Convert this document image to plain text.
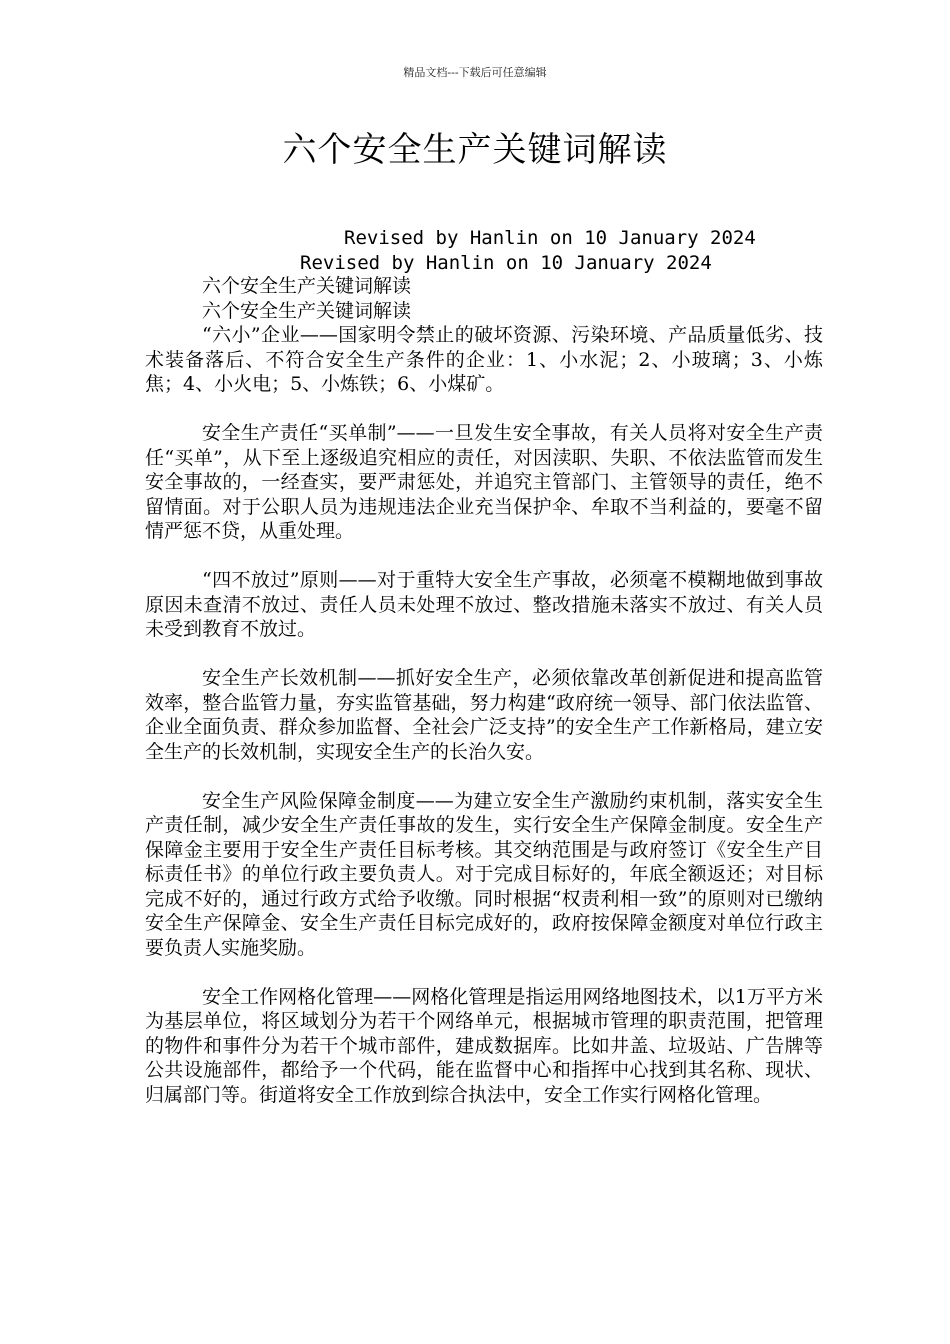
精品文档---下载后可任意编辑
六个安全生产关键词解读
Revised by Hanlin on 10 January 2024
Revised by Hanlin on 10 January 2024

六个安全生产关键词解读

六个安全生产关键词解读

“六小”企业——国家明令禁止的破坏资源、污染环境、产品质量低劣、技术装备落后、不符合安全生产条件的企业：1、小水泥；2、小玻璃；3、小炼焦；4、小火电；5、小炼铁；6、小煤矿。

安全生产责任“买单制”——一旦发生安全事故，有关人员将对安全生产责任“买单”，从下至上逐级追究相应的责任，对因渎职、失职、不依法监管而发生安全事故的，一经查实，要严肃惩处，并追究主管部门、主管领导的责任，绝不留情面。对于公职人员为违规违法企业充当保护伞、牟取不当利益的，要毫不留情严惩不贷，从重处理。

“四不放过”原则——对于重特大安全生产事故，必须毫不模糊地做到事故原因未查清不放过、责任人员未处理不放过、整改措施未落实不放过、有关人员未受到教育不放过。

安全生产长效机制——抓好安全生产，必须依靠改革创新促进和提高监管效率，整合监管力量，夯实监管基础，努力构建“政府统一领导、部门依法监管、企业全面负责、群众参加监督、全社会广泛支持”的安全生产工作新格局，建立安全生产的长效机制，实现安全生产的长治久安。

安全生产风险保障金制度——为建立安全生产激励约束机制，落实安全生产责任制，减少安全生产责任事故的发生，实行安全生产保障金制度。安全生产保障金主要用于安全生产责任目标考核。其交纳范围是与政府签订《安全生产目标责任书》的单位行政主要负责人。对于完成目标好的，年底全额返还；对目标完成不好的，通过行政方式给予收缴。同时根据“权责利相一致”的原则对已缴纳安全生产保障金、安全生产责任目标完成好的，政府按保障金额度对单位行政主要负责人实施奖励。

安全工作网格化管理——网格化管理是指运用网络地图技术，以1万平方米为基层单位，将区域划分为若干个网络单元，根据城市管理的职责范围，把管理的物件和事件分为若干个城市部件，建成数据库。比如井盖、垃圾站、广告牌等公共设施部件，都给予一个代码，能在监督中心和指挥中心找到其名称、现状、归属部门等。街道将安全工作放到综合执法中，安全工作实行网格化管理。
